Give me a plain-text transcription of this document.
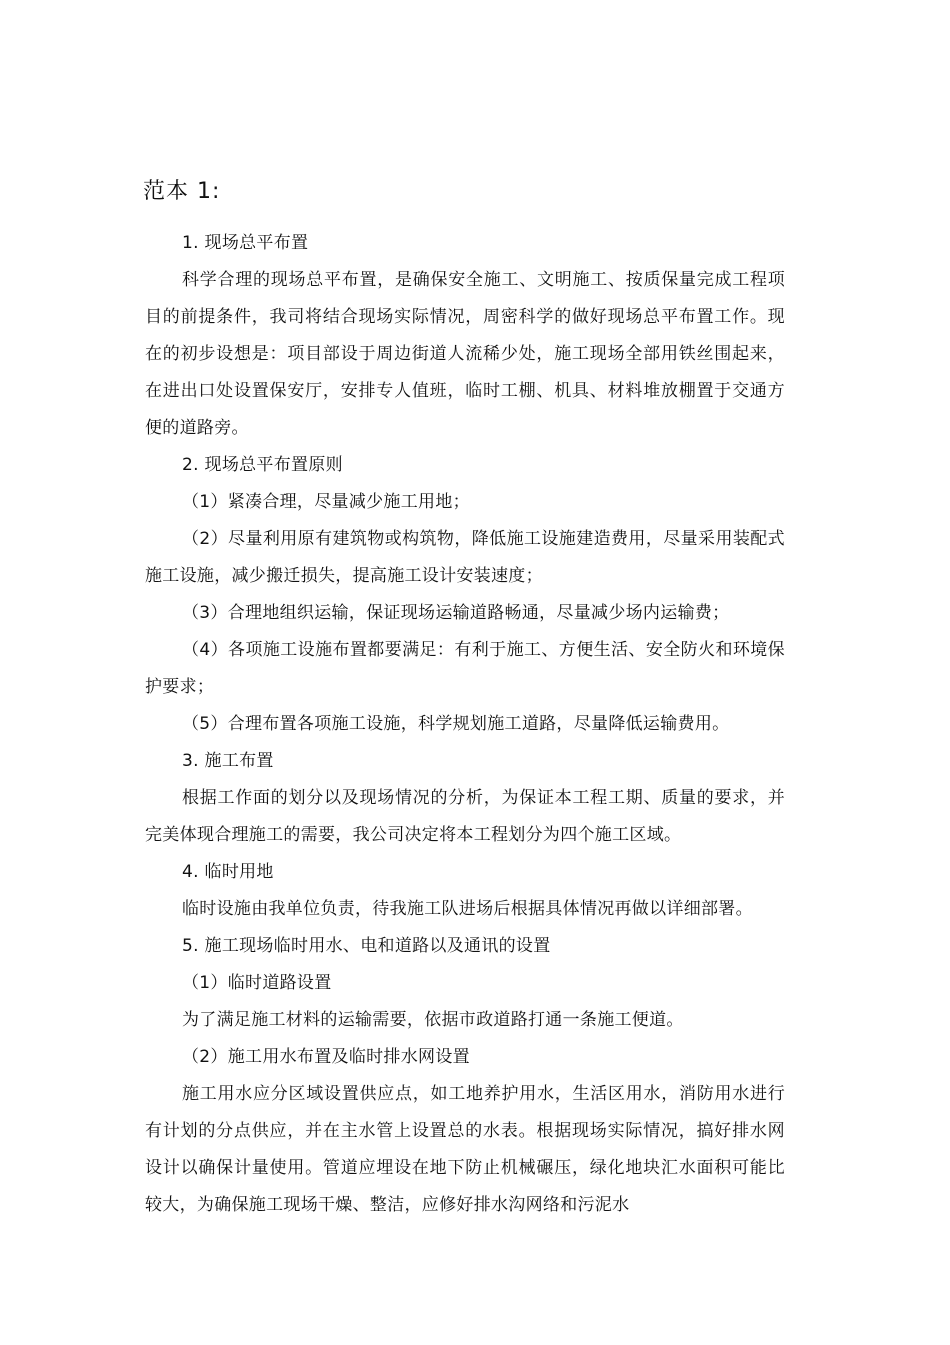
范本 1:

1. 现场总平布置

科学合理的现场总平布置，是确保安全施工、文明施工、按质保量完成工程项目的前提条件，我司将结合现场实际情况，周密科学的做好现场总平布置工作。现在的初步设想是：项目部设于周边街道人流稀少处，施工现场全部用铁丝围起来，在进出口处设置保安厅，安排专人值班，临时工棚、机具、材料堆放棚置于交通方便的道路旁。

2. 现场总平布置原则

（1）紧凑合理，尽量减少施工用地；

（2）尽量利用原有建筑物或构筑物，降低施工设施建造费用，尽量采用装配式施工设施，减少搬迁损失，提高施工设计安装速度；

（3）合理地组织运输，保证现场运输道路畅通，尽量减少场内运输费；

（4）各项施工设施布置都要满足：有利于施工、方便生活、安全防火和环境保护要求；

（5）合理布置各项施工设施，科学规划施工道路，尽量降低运输费用。

3. 施工布置

根据工作面的划分以及现场情况的分析，为保证本工程工期、质量的要求，并完美体现合理施工的需要，我公司决定将本工程划分为四个施工区域。

4. 临时用地

临时设施由我单位负责，待我施工队进场后根据具体情况再做以详细部署。

5. 施工现场临时用水、电和道路以及通讯的设置

（1）临时道路设置

为了满足施工材料的运输需要，依据市政道路打通一条施工便道。

（2）施工用水布置及临时排水网设置

施工用水应分区域设置供应点，如工地养护用水，生活区用水，消防用水进行有计划的分点供应，并在主水管上设置总的水表。根据现场实际情况，搞好排水网设计以确保计量使用。管道应埋设在地下防止机械碾压，绿化地块汇水面积可能比较大，为确保施工现场干燥、整洁，应修好排水沟网络和污泥水
